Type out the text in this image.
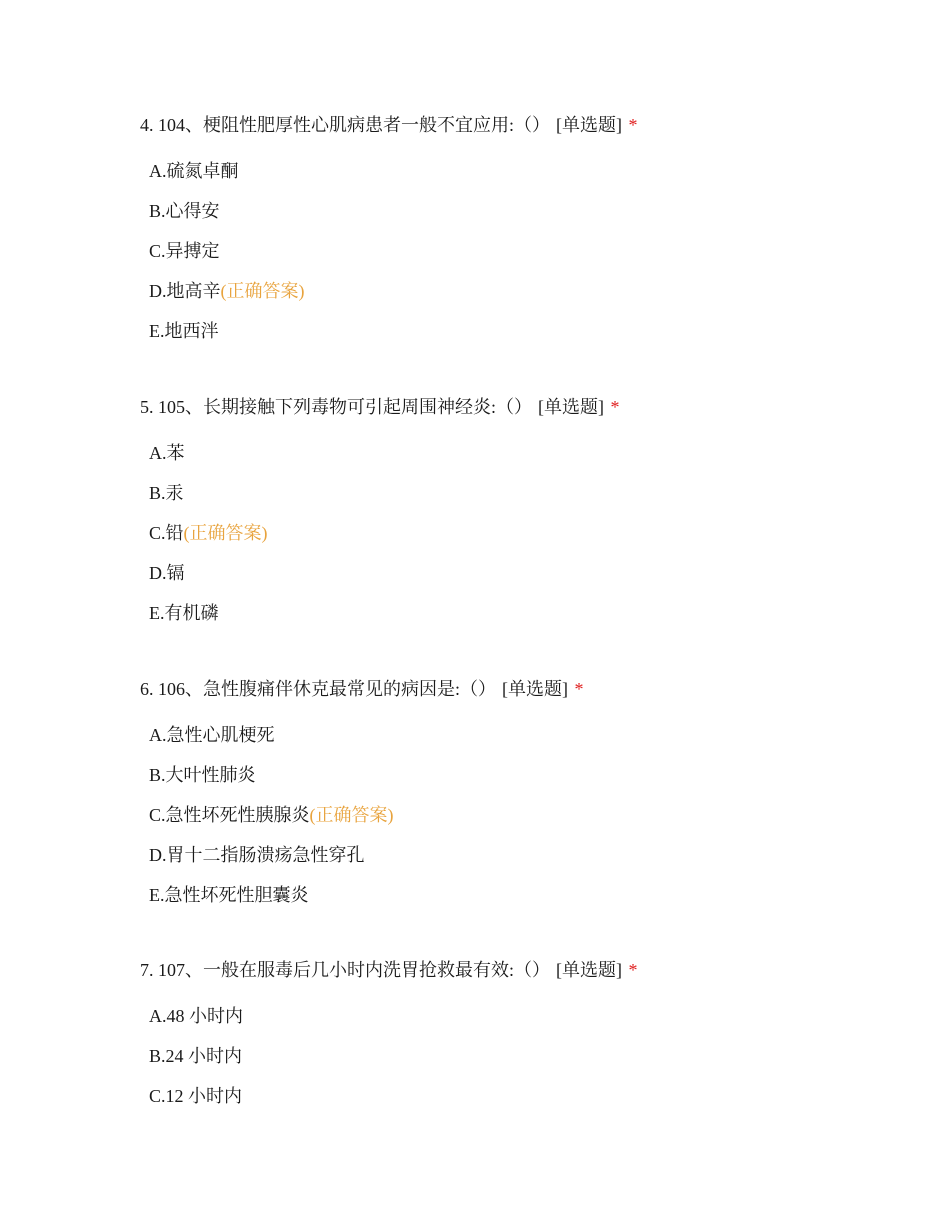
4. 104、梗阻性肥厚性心肌病患者一般不宜应用:（） [单选题] *
A.硫氮卓酮
B.心得安
C.异搏定
D.地高辛(正确答案)
E.地西泮
5. 105、长期接触下列毒物可引起周围神经炎:（） [单选题] *
A.苯
B.汞
C.铅(正确答案)
D.镉
E.有机磷
6. 106、急性腹痛伴休克最常见的病因是:（） [单选题] *
A.急性心肌梗死
B.大叶性肺炎
C.急性坏死性胰腺炎(正确答案)
D.胃十二指肠溃疡急性穿孔
E.急性坏死性胆囊炎
7. 107、一般在服毒后几小时内洗胃抢救最有效:（） [单选题] *
A.48 小时内
B.24 小时内
C.12 小时内
